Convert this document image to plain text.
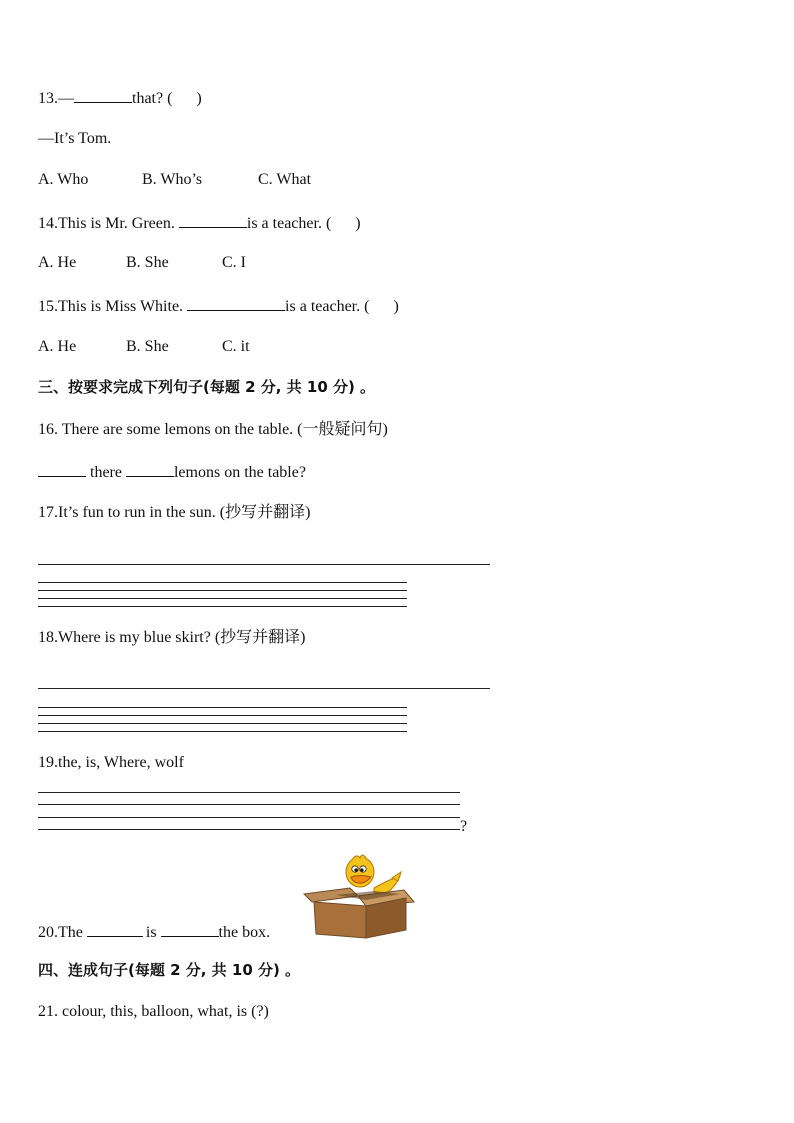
13.—	that? ( )
—It’s Tom.
A. Who	B. Who’s	C. What
14.This is Mr. Green.	is a teacher. ( )
A. He	B. She	C. I
15.This is Miss White.	is a teacher. ( )
A. He	B. She	C. it
三、按要求完成下列句子(每题 2 分, 共 10 分) 。
16. There are some lemons on the table. (一般疑问句)
there	lemons on the table?
17.It’s fun to run in the sun. (抄写并翻译)
18.Where is my blue skirt? (抄写并翻译)
19.the, is, Where, wolf
?
20.The	is	the box.
四、连成句子(每题 2 分, 共 10 分) 。
21. colour, this, balloon, what, is (?)
